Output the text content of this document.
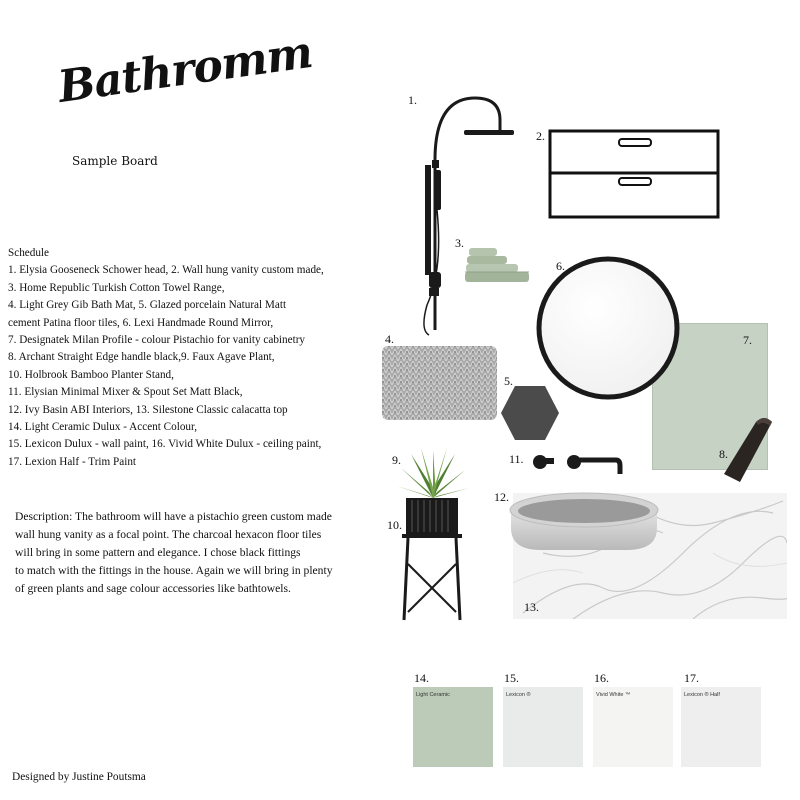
Bathromm
Sample Board
Schedule
1. Elysia Gooseneck Schower head, 2. Wall hung vanity custom made,
3. Home Republic Turkish Cotton Towel Range,
4. Light Grey Gib Bath Mat, 5. Glazed porcelain Natural Matt
cement Patina floor tiles, 6. Lexi Handmade Round Mirror,
7. Designatek Milan Profile - colour Pistachio for vanity cabinetry
8. Archant Straight Edge handle black,9. Faux Agave Plant,
10. Holbrook Bamboo Planter Stand,
11. Elysian Minimal Mixer & Spout Set Matt Black,
12. Ivy Basin ABI Interiors, 13. Silestone Classic calacatta top
14. Light Ceramic Dulux - Accent Colour,
15. Lexicon Dulux - wall paint, 16. Vivid White Dulux - ceiling paint,
17. Lexion Half - Trim Paint
Description: The bathroom will have a pistachio green custom made
wall hung vanity as a focal point. The charcoal hexacon floor tiles
will bring in some pattern and elegance. I chose black fittings
to match with the fittings in the house. Again we will bring in plenty
of green plants and sage colour accessories like bathtowels.
Designed by Justine Poutsma
1.
2.
3.
4.
5.
7.
6.
8.
9.
10.
11.
13.
12.
14.
Light Ceramic
15.
Lexicon ®
16.
Vivid White ™
17.
Lexicon ® Half
